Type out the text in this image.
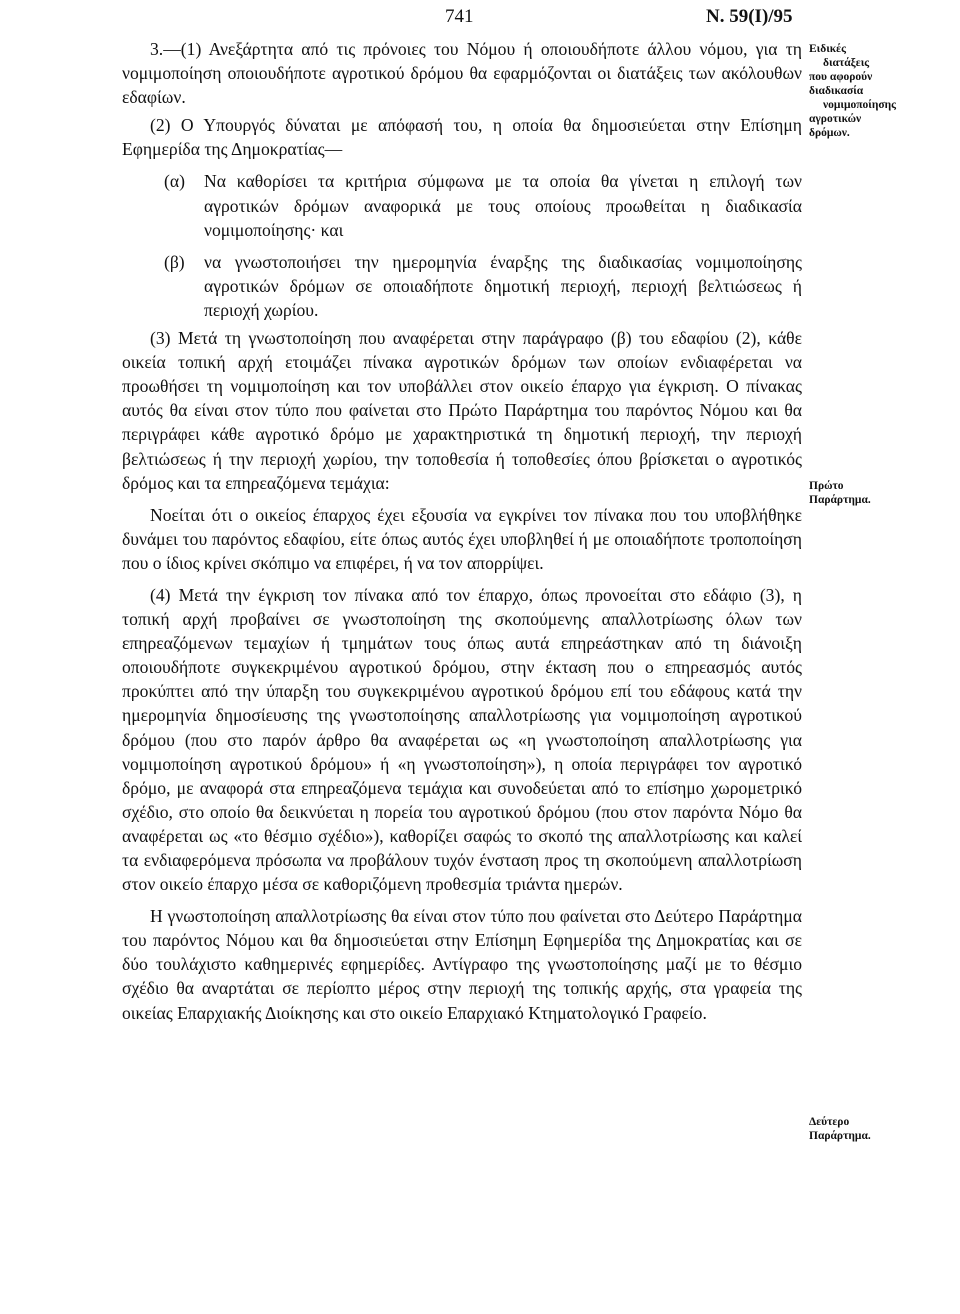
741	Ν. 59(Ι)/95

3.—(1) Ανεξάρτητα από τις πρόνοιες του Νόμου ή οποιουδήποτε άλλου νόμου, για τη νομιμοποίηση οποιουδήποτε αγροτικού δρόμου θα εφαρμόζονται οι διατάξεις των ακόλουθων εδαφίων.

(2) Ο Υπουργός δύναται με απόφασή του, η οποία θα δημοσιεύεται στην Επίσημη Εφημερίδα της Δημοκρατίας—

(α)	Να καθορίσει τα κριτήρια σύμφωνα με τα οποία θα γίνεται η επιλογή των αγροτικών δρόμων αναφορικά με τους οποίους προωθείται η διαδικασία νομιμοποίησης· και
(β)	να γνωστοποιήσει την ημερομηνία έναρξης της διαδικασίας νομιμοποίησης αγροτικών δρόμων σε οποιαδήποτε δημοτική περιοχή, περιοχή βελτιώσεως ή περιοχή χωρίου.

(3) Μετά τη γνωστοποίηση που αναφέρεται στην παράγραφο (β) του εδαφίου (2), κάθε οικεία τοπική αρχή ετοιμάζει πίνακα αγροτικών δρόμων των οποίων ενδιαφέρεται να προωθήσει τη νομιμοποίηση και τον υποβάλλει στον οικείο έπαρχο για έγκριση. Ο πίνακας αυτός θα είναι στον τύπο που φαίνεται στο Πρώτο Παράρτημα του παρόντος Νόμου και θα περιγράφει κάθε αγροτικό δρόμο με χαρακτηριστικά τη δημοτική περιοχή, την περιοχή βελτιώσεως ή την περιοχή χωρίου, την τοποθεσία ή τοποθεσίες όπου βρίσκεται ο αγροτικός δρόμος και τα επηρεαζόμενα τεμάχια:

Νοείται ότι ο οικείος έπαρχος έχει εξουσία να εγκρίνει τον πίνακα που του υποβλήθηκε δυνάμει του παρόντος εδαφίου, είτε όπως αυτός έχει υποβληθεί ή με οποιαδήποτε τροποποίηση που ο ίδιος κρίνει σκόπιμο να επιφέρει, ή να τον απορρίψει.

(4) Μετά την έγκριση τον πίνακα από τον έπαρχο, όπως προνοείται στο εδάφιο (3), η τοπική αρχή προβαίνει σε γνωστοποίηση της σκοπούμενης απαλλοτρίωσης όλων των επηρεαζόμενων τεμαχίων ή τμημάτων τους όπως αυτά επηρεάστηκαν από τη διάνοιξη οποιουδήποτε συγκεκριμένου αγροτικού δρόμου, στην έκταση που ο επηρεασμός αυτός προκύπτει από την ύπαρξη του συγκεκριμένου αγροτικού δρόμου επί του εδάφους κατά την ημερομηνία δημοσίευσης της γνωστοποίησης απαλλοτρίωσης για νομιμοποίηση αγροτικού δρόμου (που στο παρόν άρθρο θα αναφέρεται ως «η γνωστοποίηση απαλλοτρίωσης για νομιμοποίηση αγροτικού δρόμου» ή «η γνωστοποίηση»), η οποία περιγράφει τον αγροτικό δρόμο, με αναφορά στα επηρεαζόμενα τεμάχια και συνοδεύεται από το επίσημο χωρομετρικό σχέδιο, στο οποίο θα δεικνύεται η πορεία του αγροτικού δρόμου (που στον παρόντα Νόμο θα αναφέρεται ως «το θέσμιο σχέδιο»), καθορίζει σαφώς το σκοπό της απαλλοτρίωσης και καλεί τα ενδιαφερόμενα πρόσωπα να προβάλουν τυχόν ένσταση προς τη σκοπούμενη απαλλοτρίωση στον οικείο έπαρχο μέσα σε καθοριζόμενη προθεσμία τριάντα ημερών.

Η γνωστοποίηση απαλλοτρίωσης θα είναι στον τύπο που φαίνεται στο Δεύτερο Παράρτημα του παρόντος Νόμου και θα δημοσιεύεται στην Επίσημη Εφημερίδα της Δημοκρατίας και σε δύο τουλάχιστο καθημερινές εφημερίδες. Αντίγραφο της γνωστοποίησης μαζί με το θέσμιο σχέδιο θα αναρτάται σε περίοπτο μέρος στην περιοχή της τοπικής αρχής, στα γραφεία της οικείας Επαρχιακής Διοίκησης και στο οικείο Επαρχιακό Κτηματολογικό Γραφείο.

Ειδικές
διατάξεις
που αφορούν
διαδικασία
νομιμοποίησης
αγροτικών
δρόμων.
Πρώτο
Παράρτημα.
Δεύτερο
Παράρτημα.
